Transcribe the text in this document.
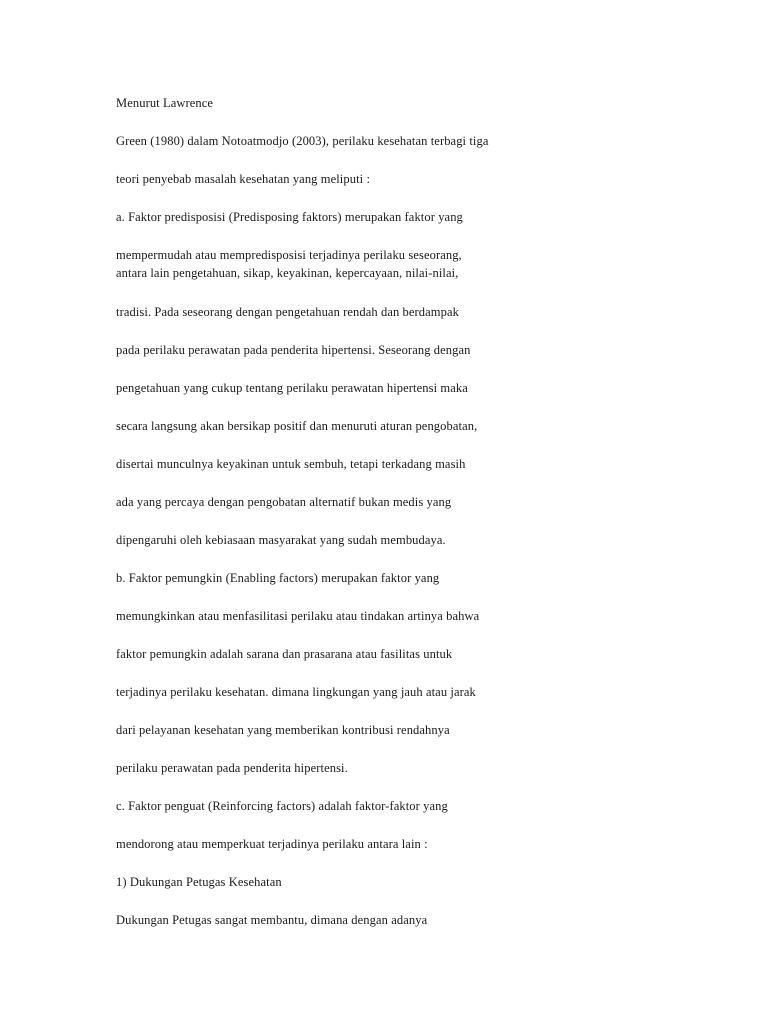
Menurut Lawrence
Green (1980) dalam Notoatmodjo (2003), perilaku kesehatan terbagi tiga
teori penyebab masalah kesehatan yang meliputi :
a. Faktor predisposisi (Predisposing faktors) merupakan faktor yang
mempermudah atau mempredisposisi terjadinya perilaku seseorang,
antara lain pengetahuan, sikap, keyakinan, kepercayaan, nilai-nilai,
tradisi. Pada seseorang dengan pengetahuan rendah dan berdampak
pada perilaku perawatan pada penderita hipertensi. Seseorang dengan
pengetahuan yang cukup tentang perilaku perawatan hipertensi maka
secara langsung akan bersikap positif dan menuruti aturan pengobatan,
disertai munculnya keyakinan untuk sembuh, tetapi terkadang masih
ada yang percaya dengan pengobatan alternatif bukan medis yang
dipengaruhi oleh kebiasaan masyarakat yang sudah membudaya.
b. Faktor pemungkin (Enabling factors) merupakan faktor yang
memungkinkan atau menfasilitasi perilaku atau tindakan artinya bahwa
faktor pemungkin adalah sarana dan prasarana atau fasilitas untuk
terjadinya perilaku kesehatan. dimana lingkungan yang jauh atau jarak
dari pelayanan kesehatan yang memberikan kontribusi rendahnya
perilaku perawatan pada penderita hipertensi.
c. Faktor penguat (Reinforcing factors) adalah faktor-faktor yang
mendorong atau memperkuat terjadinya perilaku antara lain :
1) Dukungan Petugas Kesehatan
Dukungan Petugas sangat membantu, dimana dengan adanya
